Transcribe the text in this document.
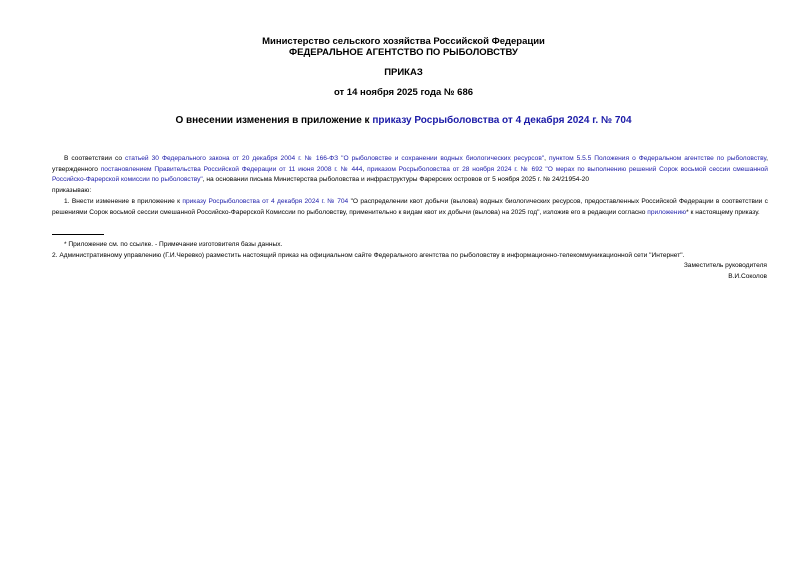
Министерство сельского хозяйства Российской Федерации
ФЕДЕРАЛЬНОЕ АГЕНТСТВО ПО РЫБОЛОВСТВУ
ПРИКАЗ
от 14 ноября 2025 года № 686
О внесении изменения в приложение к приказу Росрыболовства от 4 декабря 2024 г. № 704
В соответствии со статьей 30 Федерального закона от 20 декабря 2004 г. № 166-ФЗ "О рыболовстве и сохранении водных биологических ресурсов", пунктом 5.5.5 Положения о Федеральном агентстве по рыболовству, утвержденного постановлением Правительства Российской Федерации от 11 июня 2008 г. № 444, приказом Росрыболовства от 28 ноября 2024 г. № 692 "О мерах по выполнению решений Сорок восьмой сессии смешанной Российско-Фарерской комиссии по рыболовству", на основании письма Министерства рыболовства и инфраструктуры Фарерских островов от 5 ноября 2025 г. № 24/21954-20
приказываю:
1. Внести изменение в приложение к приказу Росрыболовства от 4 декабря 2024 г. № 704 "О распределении квот добычи (вылова) водных биологических ресурсов, предоставленных Российской Федерации в соответствии с решениями Сорок восьмой сессии смешанной Российско-Фарерской Комиссии по рыболовству, применительно к видам квот их добычи (вылова) на 2025 год", изложив его в редакции согласно приложению* к настоящему приказу.
* Приложение см. по ссылке. - Примечание изготовителя базы данных.
2. Административному управлению (Г.И.Черевко) разместить настоящий приказ на официальном сайте Федерального агентства по рыболовству в информационно-телекоммуникационной сети "Интернет".
Заместитель руководителя
В.И.Соколов
